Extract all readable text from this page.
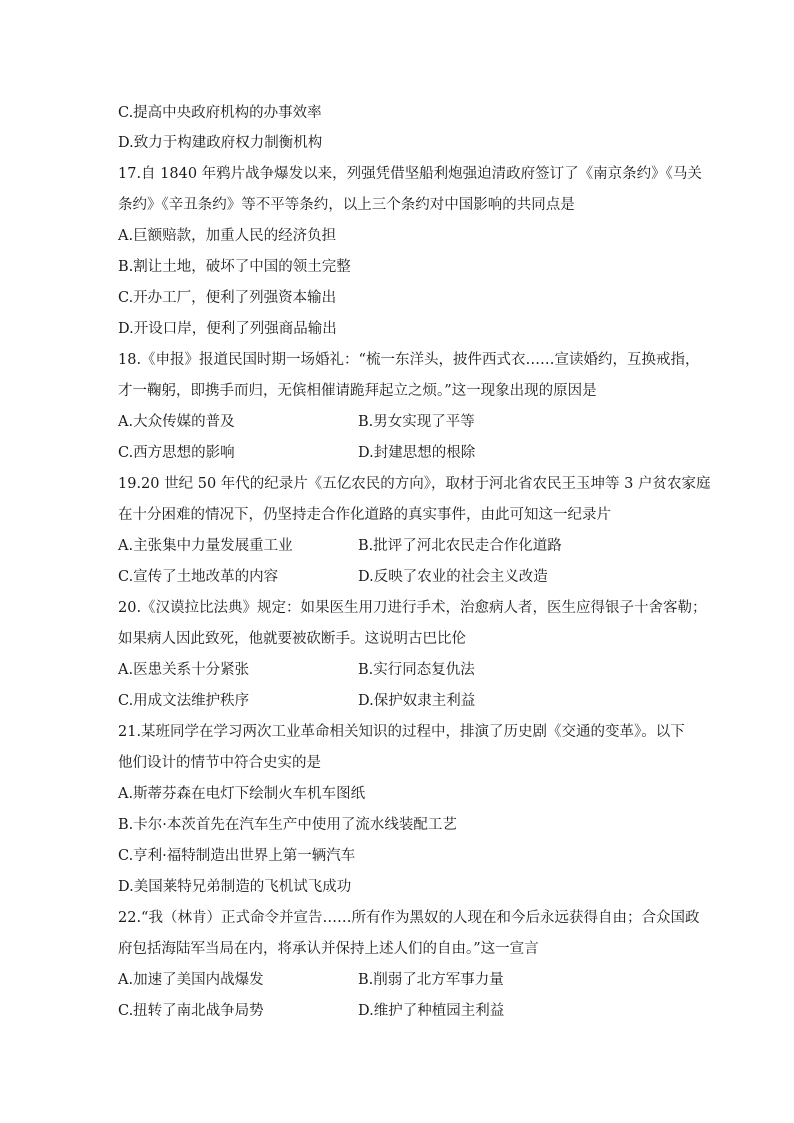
C.提高中央政府机构的办事效率
D.致力于构建政府权力制衡机构
17.自 1840 年鸦片战争爆发以来，列强凭借坚船利炮强迫清政府签订了《南京条约》《马关
条约》《辛丑条约》等不平等条约，以上三个条约对中国影响的共同点是
A.巨额赔款，加重人民的经济负担
B.割让土地，破坏了中国的领土完整
C.开办工厂，便利了列强资本输出
D.开设口岸，便利了列强商品输出
18.《申报》报道民国时期一场婚礼：“梳一东洋头，披件西式衣……宣读婚约，互换戒指，
才一鞠躬，即携手而归，无傧相催请跪拜起立之烦。”这一现象出现的原因是
A.大众传媒的普及	B.男女实现了平等
C.西方思想的影响	D.封建思想的根除
19.20 世纪 50 年代的纪录片《五亿农民的方向》，取材于河北省农民王玉坤等 3 户贫农家庭
在十分困难的情况下，仍坚持走合作化道路的真实事件，由此可知这一纪录片
A.主张集中力量发展重工业	B.批评了河北农民走合作化道路
C.宣传了土地改革的内容	D.反映了农业的社会主义改造
20.《汉谟拉比法典》规定：如果医生用刀进行手术，治愈病人者，医生应得银子十舍客勒；
如果病人因此致死，他就要被砍断手。这说明古巴比伦
A.医患关系十分紧张	B.实行同态复仇法
C.用成文法维护秩序	D.保护奴隶主利益
21.某班同学在学习两次工业革命相关知识的过程中，排演了历史剧《交通的变革》。以下
他们设计的情节中符合史实的是
A.斯蒂芬森在电灯下绘制火车机车图纸
B.卡尔·本茨首先在汽车生产中使用了流水线装配工艺
C.亨利·福特制造出世界上第一辆汽车
D.美国莱特兄弟制造的飞机试飞成功
22.“我（林肯）正式命令并宣告……所有作为黑奴的人现在和今后永远获得自由；合众国政
府包括海陆军当局在内，将承认并保持上述人们的自由。”这一宣言
A.加速了美国内战爆发	B.削弱了北方军事力量
C.扭转了南北战争局势	D.维护了种植园主利益
